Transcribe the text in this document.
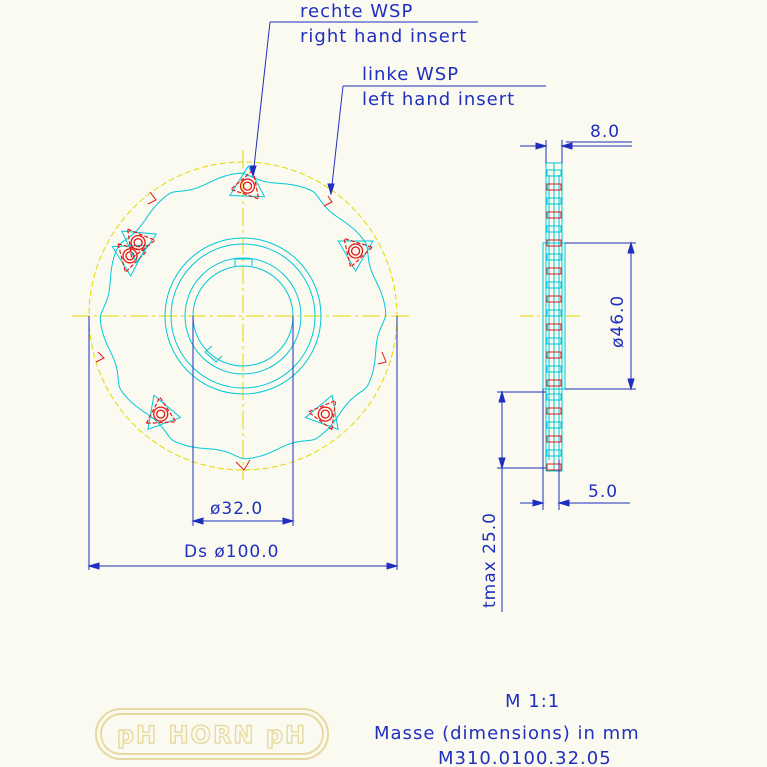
ø32.0
Ds ø100.0
rechte WSP
right hand insert
linke WSP
left hand insert
8.0
ø46.0
5.0
tmax 25.0
pH HORN pH
M 1:1
Masse (dimensions) in mm
M310.0100.32.05
